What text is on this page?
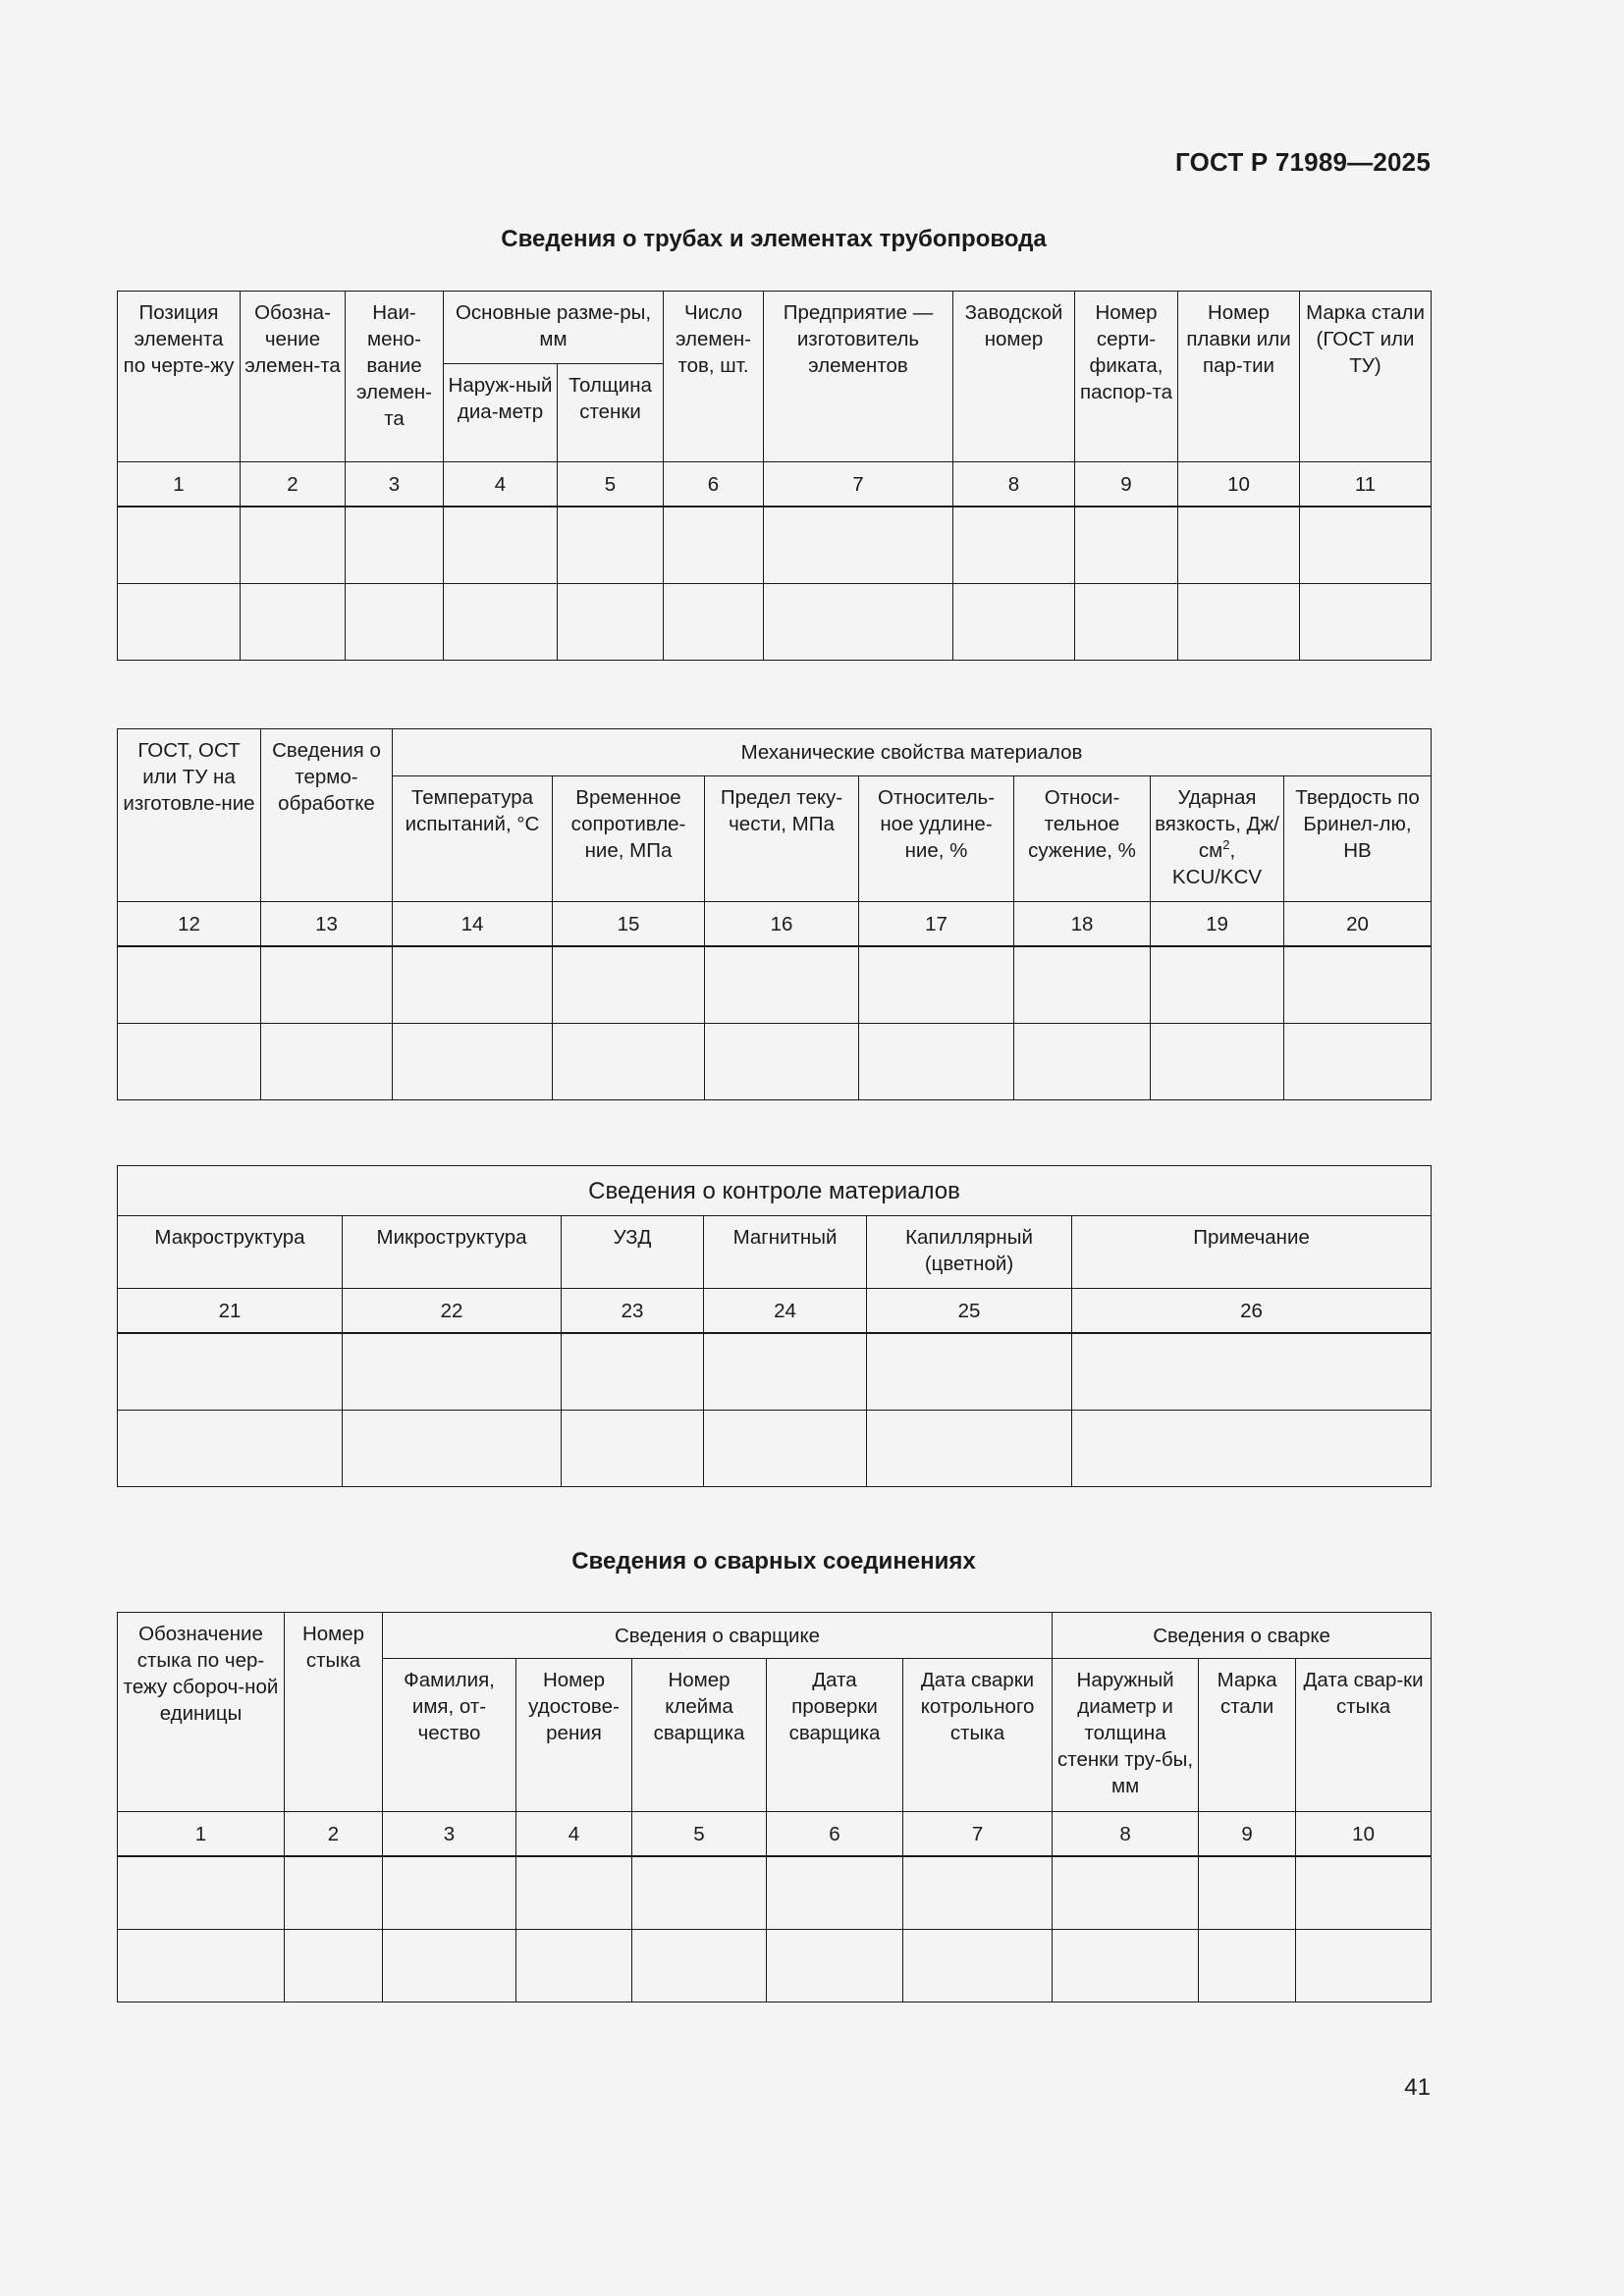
ГОСТ Р 71989—2025
Сведения о трубах и элементах трубопровода
Позиция элемента по черте-жу	Обозна-чение элемен-та	Наи-мено-вание элемен-та	Основные разме-ры, мм		Число элемен-тов, шт.	Предприятие — изготовитель элементов	Заводской номер	Номер серти-фиката, паспор-та	Номер плавки или пар-тии	Марка стали (ГОСТ или ТУ)
			Наруж-ный диа-метр	Толщина стенки						
1	2	3	4	5	6	7	8	9	10	11

ГОСТ, ОСТ или ТУ на изготовле-ние	Сведения о термо-обработке	Механические свойства материалов						
		Температура испытаний, °С	Временное сопротивле-ние, МПа	Предел теку-чести, МПа	Относитель-ное удлине-ние, %	Относи-тельное сужение, %	Ударная вязкость, $Дж/см^2$, KCU/KCV	Твердость по Бринел-лю, НВ
12	13	14	15	16	17	18	19	20

Сведения о контроле материалов					
Макроструктура	Микроструктура	УЗД	Магнитный	Капиллярный (цветной)	Примечание
21	22	23	24	25	26

Сведения о сварных соединениях
Обозначение стыка по чер-тежу сбороч-ной единицы	Номер стыка	Сведения о сварщике					Сведения о сварке		
		Фамилия, имя, от-чество	Номер удостове-рения	Номер клейма сварщика	Дата проверки сварщика	Дата сварки котрольного стыка	Наружный диаметр и толщина стенки тру-бы, мм	Марка стали	Дата свар-ки стыка
1	2	3	4	5	6	7	8	9	10

41
